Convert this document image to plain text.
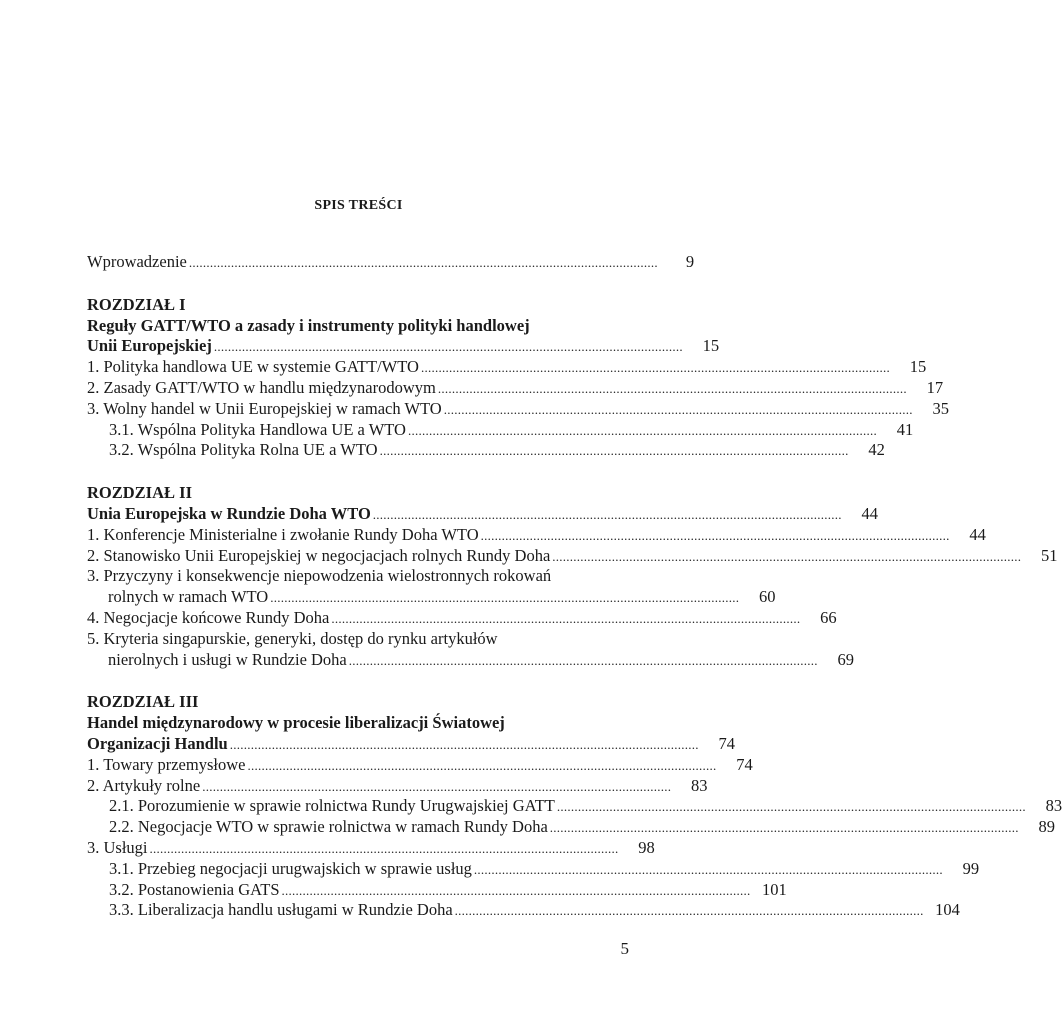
SPIS TREŚCI
Wprowadzenie . . .	9
ROZDZIAŁ I
Reguły GATT/WTO a zasady i instrumenty polityki handlowej
Unii Europejskiej . . .	15
1. Polityka handlowa UE w systemie GATT/WTO . . .	15
2. Zasady GATT/WTO w handlu międzynarodowym . . .	17
3. Wolny handel w Unii Europejskiej w ramach WTO . . .	35
3.1. Wspólna Polityka Handlowa UE a WTO . . .	41
3.2. Wspólna Polityka Rolna UE a WTO . . .	42
ROZDZIAŁ II
Unia Europejska w Rundzie Doha WTO . . .	44
1. Konferencje Ministerialne i zwołanie Rundy Doha WTO . . .	44
2. Stanowisko Unii Europejskiej w negocjacjach rolnych Rundy Doha . . .	51
3. Przyczyny i konsekwencje niepowodzenia wielostronnych rokowań
rolnych w ramach WTO . . .	60
4. Negocjacje końcowe Rundy Doha . . .	66
5. Kryteria singapurskie, generyki, dostęp do rynku artykułów
nierolnych i usługi w Rundzie Doha . . .	69
ROZDZIAŁ III
Handel międzynarodowy w procesie liberalizacji Światowej
Organizacji Handlu . . .	74
1. Towary przemysłowe . . .	74
2. Artykuły rolne . . .	83
2.1. Porozumienie w sprawie rolnictwa Rundy Urugwajskiej GATT . . .	83
2.2. Negocjacje WTO w sprawie rolnictwa w ramach Rundy Doha . . .	89
3. Usługi . . .	98
3.1. Przebieg negocjacji urugwajskich w sprawie usług . . .	99
3.2. Postanowienia GATS . . .	101
3.3. Liberalizacja handlu usługami w Rundzie Doha . . .	104
5
